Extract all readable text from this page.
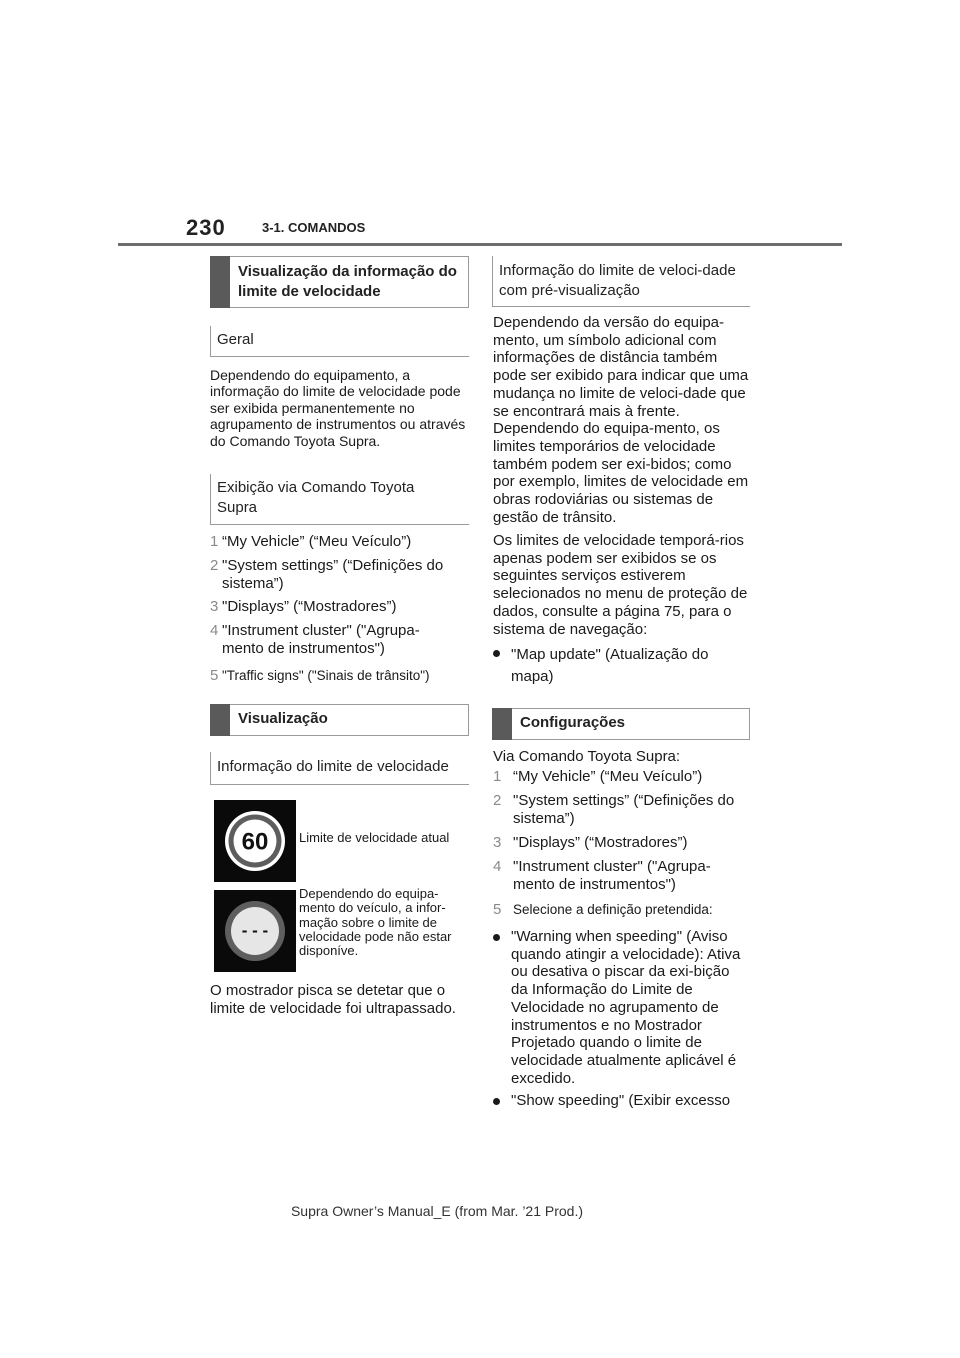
230	3-1. COMANDOS
Visualização da informação do limite de velocidade
Geral
Dependendo do equipamento, a informação do limite de velocidade pode ser exibida permanentemente no agrupamento de instrumentos ou através do Comando Toyota Supra.
Exibição via Comando Toyota Supra
1 “My Vehicle” (“Meu Veículo”)
2 "System settings” (“Definições do sistema”)
3 "Displays” (“Mostradores”)
4 "Instrument cluster" ("Agrupa-mento de instrumentos")
5 "Traffic signs" ("Sinais de trânsito")
Visualização
Informação do limite de velocidade
60 Limite de velocidade atual
- - -
Dependendo do equipa-mento do veículo, a infor-mação sobre o limite de velocidade pode não estar disponíve.
O mostrador pisca se detetar que o limite de velocidade foi ultrapassado.
Informação do limite de veloci-dade com pré-visualização
Dependendo da versão do equipa-mento, um símbolo adicional com informações de distância também pode ser exibido para indicar que uma mudança no limite de veloci-dade que se encontrará mais à frente. Dependendo do equipa-mento, os limites temporários de velocidade também podem ser exi-bidos; como por exemplo, limites de velocidade em obras rodoviárias ou sistemas de gestão de trânsito.
Os limites de velocidade temporá-rios apenas podem ser exibidos se os seguintes serviços estiverem selecionados no menu de proteção de dados, consulte a página 75, para o sistema de navegação:
"Map update" (Atualização do mapa)
Configurações
Via Comando Toyota Supra:
1 “My Vehicle” (“Meu Veículo”)
2 "System settings” (“Definições do sistema”)
3 "Displays” (“Mostradores”)
4 "Instrument cluster" ("Agrupa-mento de instrumentos")
5 Selecione a definição pretendida:
"Warning when speeding" (Aviso quando atingir a velocidade): Ativa ou desativa o piscar da exi-bição da Informação do Limite de Velocidade no agrupamento de instrumentos e no Mostrador Projetado quando o limite de velocidade atualmente aplicável é excedido.
"Show speeding" (Exibir excesso
Supra Owner’s Manual_E (from Mar. ’21 Prod.)
